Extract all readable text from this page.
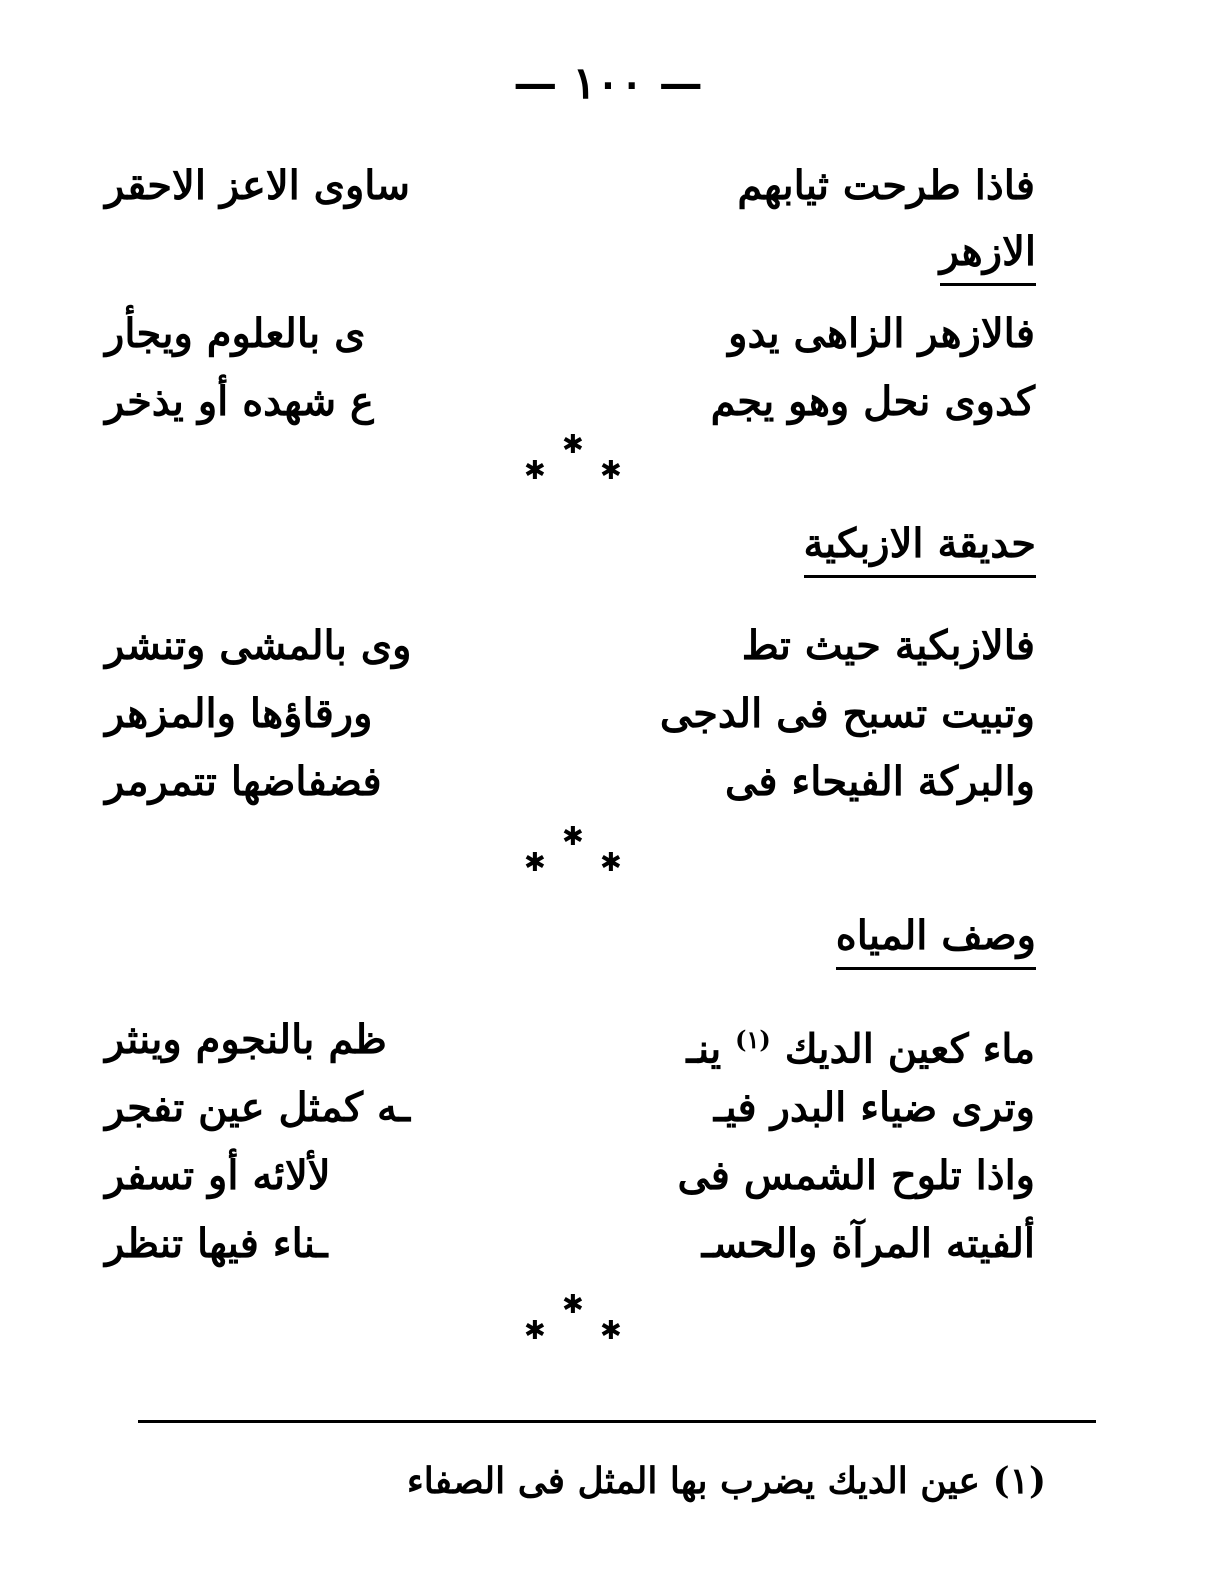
— ١٠٠ —
فاذا طرحت ثيابهم
ساوى الاعز الاحقر
الازهر
فالازهر الزاهى يدو
ى بالعلوم ويجأر
كدوى نحل وهو يجم
ع شهده أو يذخر
✱
✱ ✱
حديقة الازبكية
فالازبكية حيث تط
وى بالمشى وتنشر
وتبيت تسبح فى الدجى
ورقاؤها والمزهر
والبركة الفيحاء فى
فضفاضها تتمرمر
✱
✱ ✱
وصف المياه
ماء كعين الديك $^{(١)}$ ينـ
ظم بالنجوم وينثر
وترى ضياء البدر فيـ
ـه كمثل عين تفجر
واذا تلوح الشمس فى
لألائه أو تسفر
ألفيته المرآة والحسـ
ـناء فيها تنظر
✱
✱ ✱
(١) عين الديك يضرب بها المثل فى الصفاء
